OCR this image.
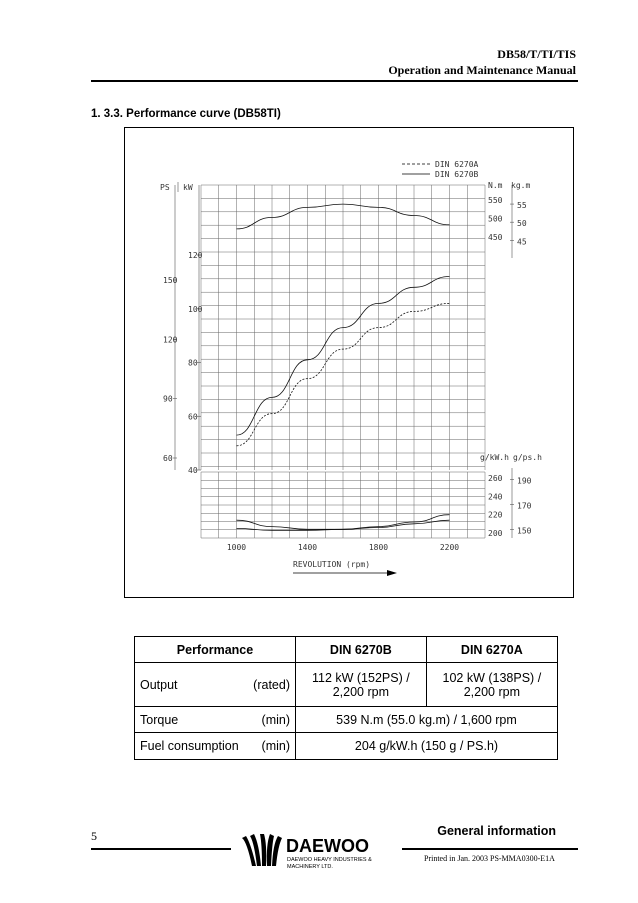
DB58/T/TI/TIS
Operation and Maintenance Manual
1. 3.3. Performance curve (DB58TI)
150
120
90
60
120
100
80
60
40
550
500
450
55
50
45
260
240
220
200
190
170
150
1000	1400	1800	2200
DIN 6270A
DIN 6270B
PS kW	N.m kg.m
g/kW.h g/ps.h
REVOLUTION (rpm)
Performance	DIN 6270B	DIN 6270A

Output (rated)	112 kW (152PS) / 2,200 rpm	102 kW (138PS) / 2,200 rpm

Torque (min)	539 N.m (55.0 kg.m) / 1,600 rpm	

Fuel consumption (min)	204 g/kW.h (150 g / PS.h)	
5	General information
DAEWOO
DAEWOO HEAVY INDUSTRIES &
MACHINERY LTD.
Printed in Jan. 2003 PS-MMA0300-E1A
